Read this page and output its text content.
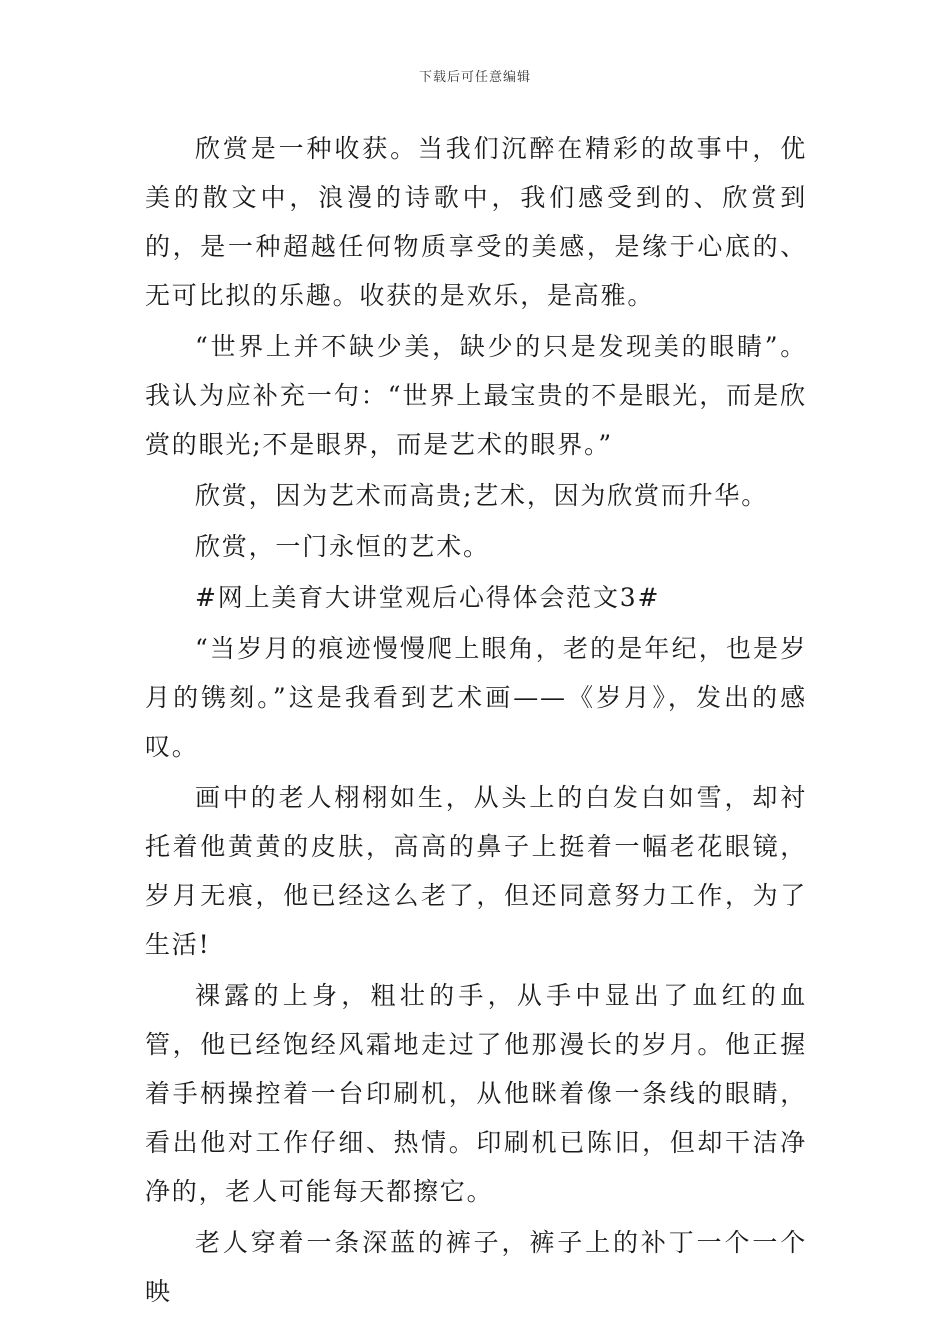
下载后可任意编辑

欣赏是一种收获。当我们沉醉在精彩的故事中，优美的散文中，浪漫的诗歌中，我们感受到的、欣赏到的，是一种超越任何物质享受的美感，是缘于心底的、无可比拟的乐趣。收获的是欢乐，是高雅。

“世界上并不缺少美，缺少的只是发现美的眼睛”。我认为应补充一句：“世界上最宝贵的不是眼光，而是欣赏的眼光;不是眼界，而是艺术的眼界。”

欣赏，因为艺术而高贵;艺术，因为欣赏而升华。

欣赏，一门永恒的艺术。

#网上美育大讲堂观后心得体会范文3#

“当岁月的痕迹慢慢爬上眼角，老的是年纪，也是岁月的镌刻。”这是我看到艺术画——《岁月》，发出的感叹。

画中的老人栩栩如生，从头上的白发白如雪，却衬托着他黄黄的皮肤，高高的鼻子上挺着一幅老花眼镜，岁月无痕，他已经这么老了，但还同意努力工作，为了生活!

裸露的上身，粗壮的手，从手中显出了血红的血管，他已经饱经风霜地走过了他那漫长的岁月。他正握着手柄操控着一台印刷机，从他眯着像一条线的眼睛，看出他对工作仔细、热情。印刷机已陈旧，但却干洁净净的，老人可能每天都擦它。

老人穿着一条深蓝的裤子，裤子上的补丁一个一个映
